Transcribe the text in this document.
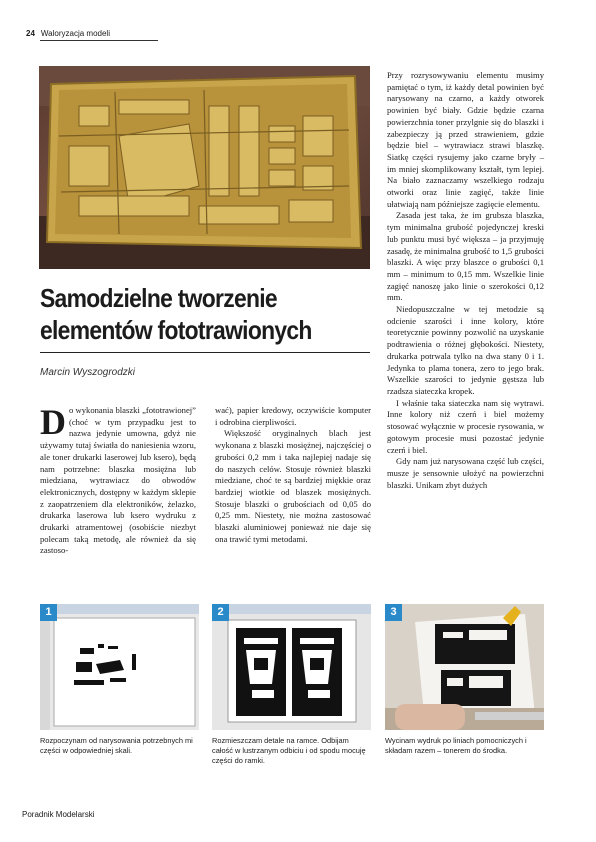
24 Waloryzacja modeli
Samodzielne tworzenie elementów fototrawionych
Marcin Wyszogrodzki

Do wykonania blaszki „fototrawionej” (choć w tym przypadku jest to nazwa jedynie umowna, gdyż nie używamy tutaj światła do naniesienia wzoru, ale toner drukarki laserowej lub ksero), będą nam potrzebne: blaszka mosiężna lub miedziana, wytrawiacz do obwodów elektronicznych, dostępny w każdym sklepie z zaopatrzeniem dla elektroników, żelazko, drukarka laserowa lub ksero wydruku z drukarki atramentowej (osobiście niezbyt polecam taką metodę, ale również da się zastoso-

wać), papier kredowy, oczywiście komputer i odrobina cierpliwości.

Większość oryginalnych blach jest wykonana z blaszki mosiężnej, najczęściej o grubości 0,2 mm i taka najlepiej nadaje się do naszych celów. Stosuje również blaszki miedziane, choć te są bardziej miękkie oraz bardziej wiotkie od blaszek mosiężnych. Stosuje blaszki o grubościach od 0,05 do 0,25 mm. Niestety, nie można zastosować blaszki aluminiowej ponieważ nie daje się ona trawić tymi metodami.

Przy rozrysowywaniu elementu musimy pamiętać o tym, iż każdy detal powinien być narysowany na czarno, a każdy otworek powinien być biały. Gdzie będzie czarna powierzchnia toner przylgnie się do blaszki i zabezpieczy ją przed strawieniem, gdzie będzie biel – wytrawiacz strawi blaszkę. Siatkę części rysujemy jako czarne bryły – im mniej skomplikowany kształt, tym lepiej. Na biało zaznaczamy wszelkiego rodzaju otworki oraz linie zagięć, także linie ułatwiają nam późniejsze zagięcie elementu.

Zasada jest taka, że im grubsza blaszka, tym minimalna grubość pojedynczej kreski lub punktu musi być większa – ja przyjmuję zasadę, że minimalna grubość to 1,5 grubości blaszki. A więc przy blaszce o grubości 0,1 mm – minimum to 0,15 mm. Wszelkie linie zagięć nanoszę jako linie o szerokości 0,12 mm.

Niedopuszczalne w tej metodzie są odcienie szarości i inne kolory, które teoretycznie powinny pozwolić na uzyskanie podtrawienia o różnej głębokości. Niestety, drukarka potrwala tylko na dwa stany 0 i 1. Jedynka to plama tonera, zero to jego brak. Wszelkie szarości to jedynie gęstsza lub rzadsza siateczka kropek.

I właśnie taka siateczka nam się wytrawi. Inne kolory niż czerń i biel możemy stosować wyłącznie w procesie rysowania, w gotowym procesie musi pozostać jedynie czerń i biel.

Gdy nam już narysowana część lub części, musze je sensownie ułożyć na powierzchni blaszki. Unikam zbyt dużych

1
Rozpoczynam od narysowania potrzebnych mi części w odpowiedniej skali.
2
Rozmieszczam detale na ramce. Odbijam całość w lustrzanym odbiciu i od spodu mocuję części do ramki.
3
Wycinam wydruk po liniach pomocniczych i składam razem – tonerem do środka.
Poradnik Modelarski
